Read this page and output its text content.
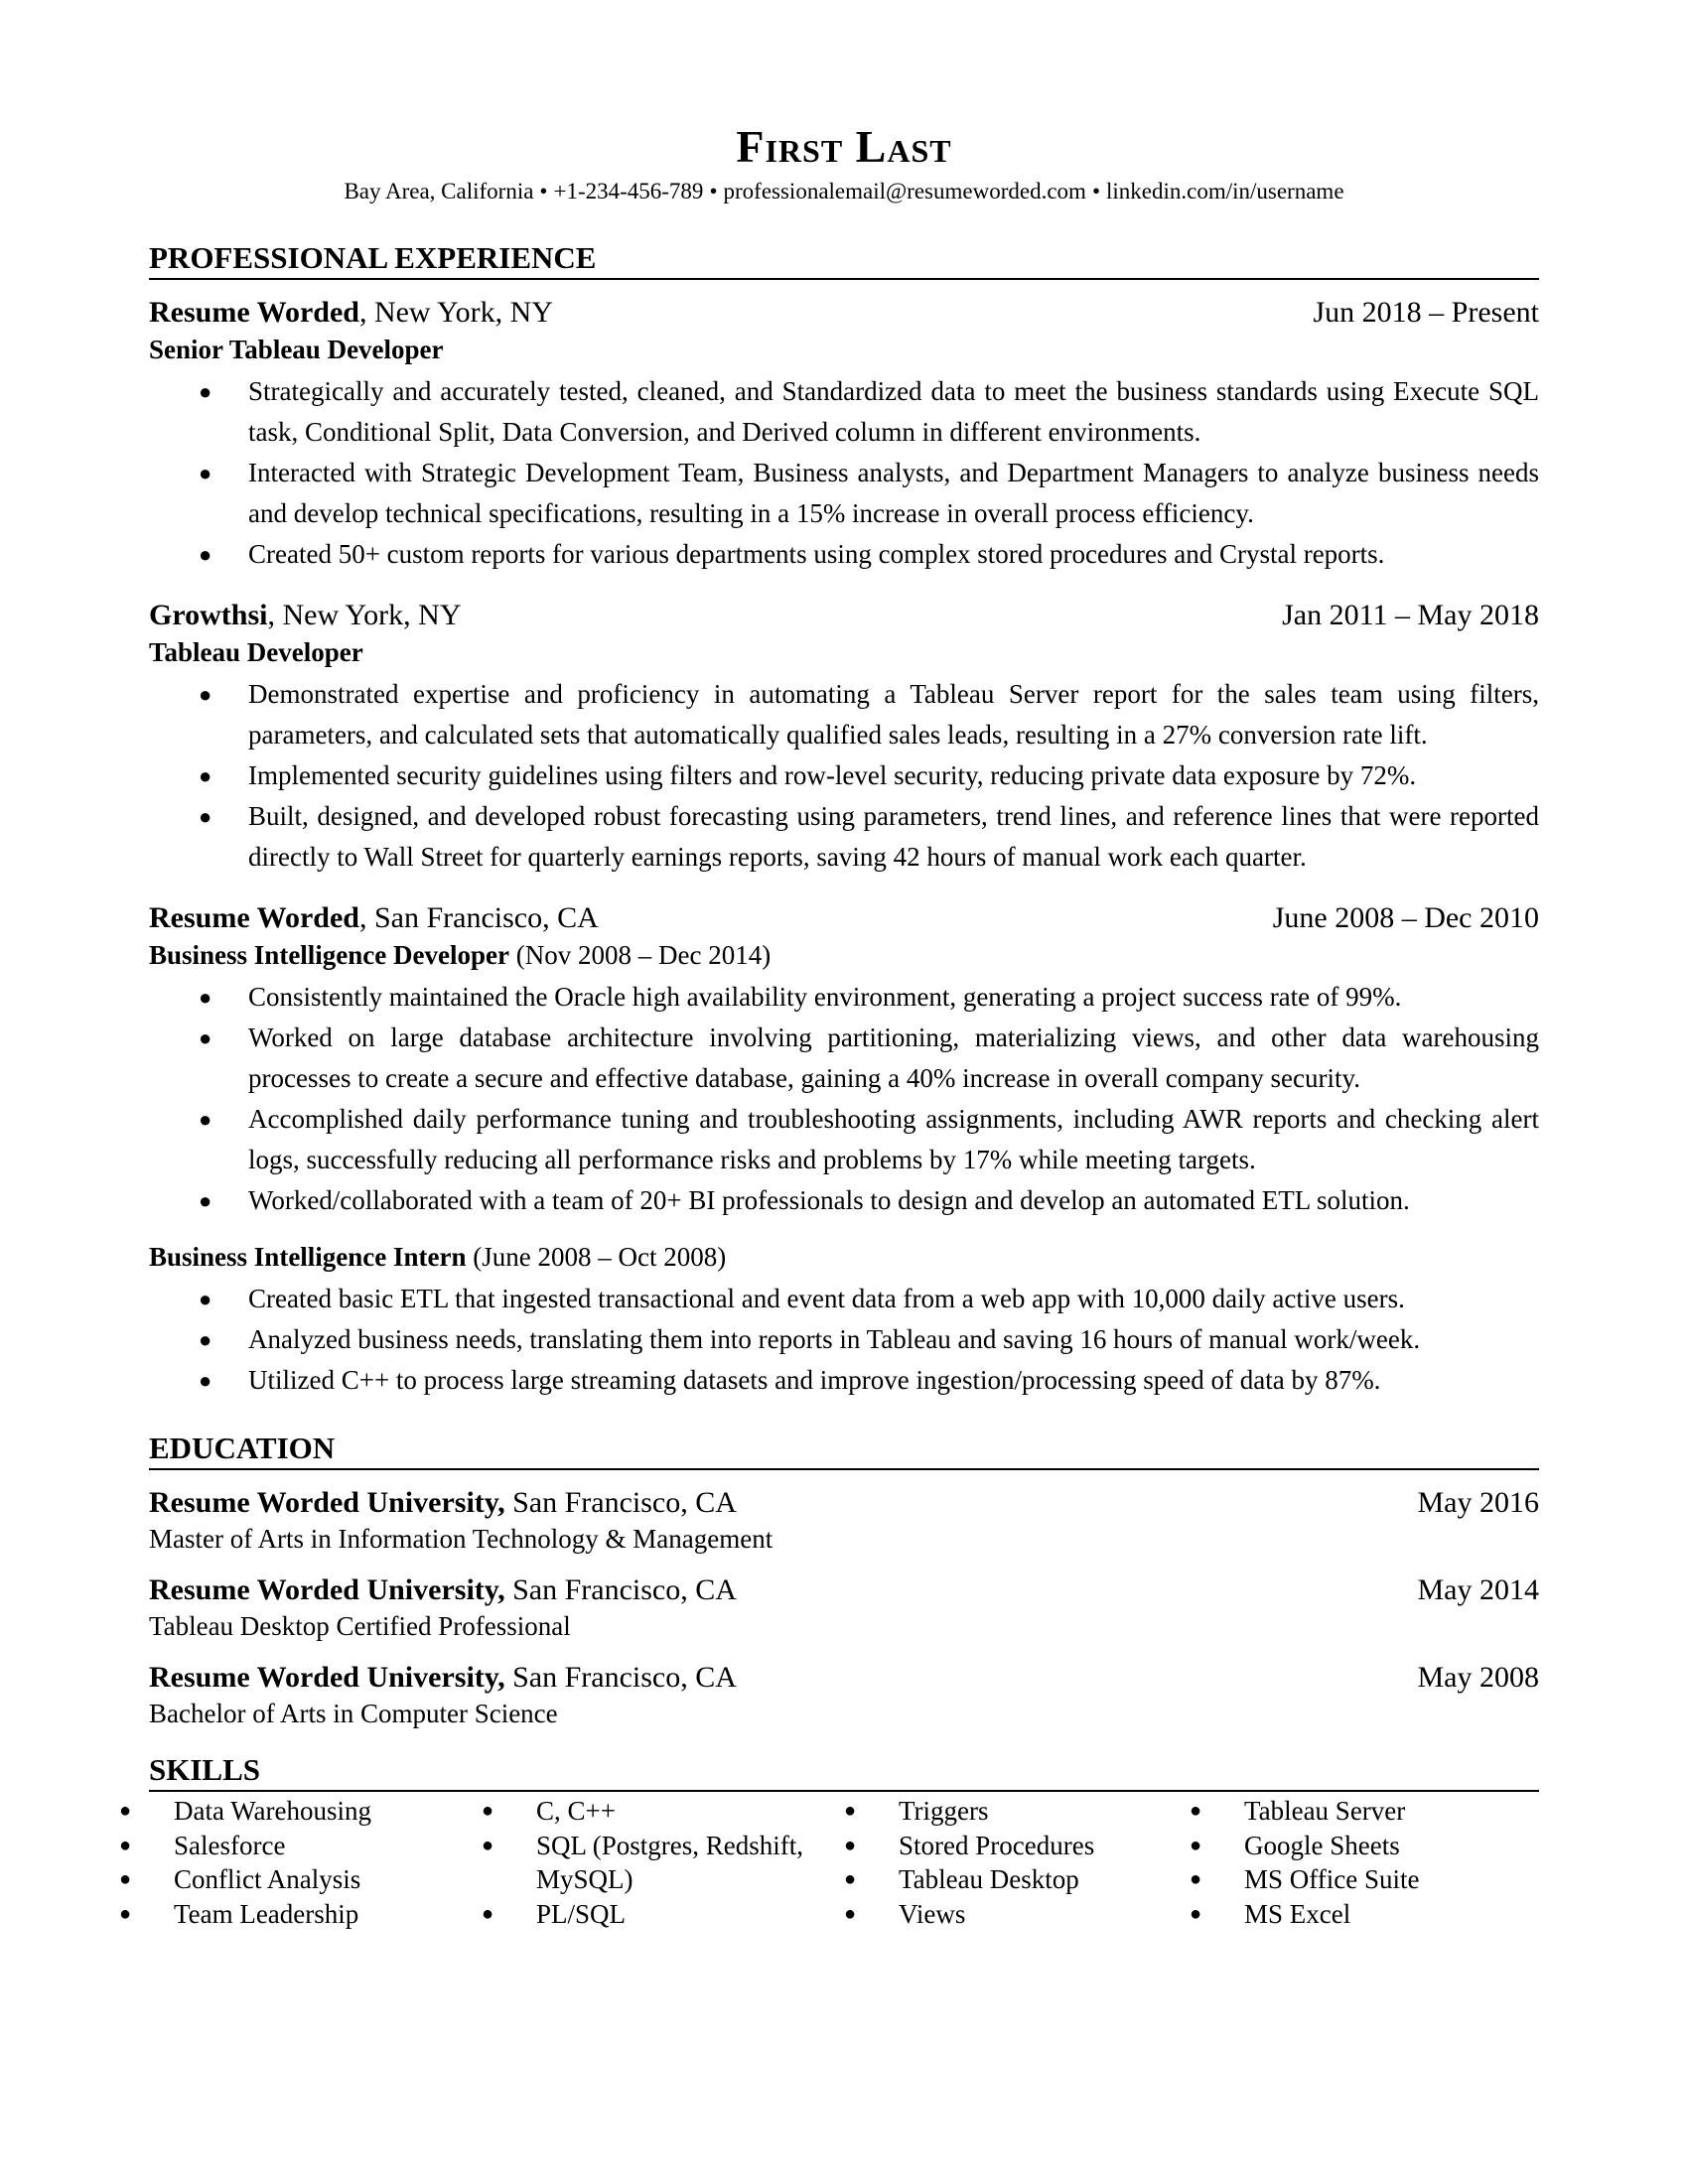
First Last
Bay Area, California • +1-234-456-789 • professionalemail@resumeworded.com • linkedin.com/in/username
PROFESSIONAL EXPERIENCE
Resume Worded, New York, NY	Jun 2018 – Present
Senior Tableau Developer
● Strategically and accurately tested, cleaned, and Standardized data to meet the business standards using Execute SQL task, Conditional Split, Data Conversion, and Derived column in different environments.
● Interacted with Strategic Development Team, Business analysts, and Department Managers to analyze business needs and develop technical specifications, resulting in a 15% increase in overall process efficiency.
● Created 50+ custom reports for various departments using complex stored procedures and Crystal reports.
Growthsi, New York, NY	Jan 2011 – May 2018
Tableau Developer
● Demonstrated expertise and proficiency in automating a Tableau Server report for the sales team using filters, parameters, and calculated sets that automatically qualified sales leads, resulting in a 27% conversion rate lift.
● Implemented security guidelines using filters and row-level security, reducing private data exposure by 72%.
● Built, designed, and developed robust forecasting using parameters, trend lines, and reference lines that were reported directly to Wall Street for quarterly earnings reports, saving 42 hours of manual work each quarter.
Resume Worded, San Francisco, CA	June 2008 – Dec 2010
Business Intelligence Developer (Nov 2008 – Dec 2014)
● Consistently maintained the Oracle high availability environment, generating a project success rate of 99%.
● Worked on large database architecture involving partitioning, materializing views, and other data warehousing processes to create a secure and effective database, gaining a 40% increase in overall company security.
● Accomplished daily performance tuning and troubleshooting assignments, including AWR reports and checking alert logs, successfully reducing all performance risks and problems by 17% while meeting targets.
● Worked/collaborated with a team of 20+ BI professionals to design and develop an automated ETL solution.
Business Intelligence Intern (June 2008 – Oct 2008)
● Created basic ETL that ingested transactional and event data from a web app with 10,000 daily active users.
● Analyzed business needs, translating them into reports in Tableau and saving 16 hours of manual work/week.
● Utilized C++ to process large streaming datasets and improve ingestion/processing speed of data by 87%.
EDUCATION
Resume Worded University, San Francisco, CA	May 2016
Master of Arts in Information Technology & Management
Resume Worded University, San Francisco, CA	May 2014
Tableau Desktop Certified Professional
Resume Worded University, San Francisco, CA	May 2008
Bachelor of Arts in Computer Science
SKILLS
● Data Warehousing
● Salesforce
● Conflict Analysis
● Team Leadership
● C, C++
● SQL (Postgres, Redshift, MySQL)
● PL/SQL
● Triggers
● Stored Procedures
● Tableau Desktop
● Views
● Tableau Server
● Google Sheets
● MS Office Suite
● MS Excel
